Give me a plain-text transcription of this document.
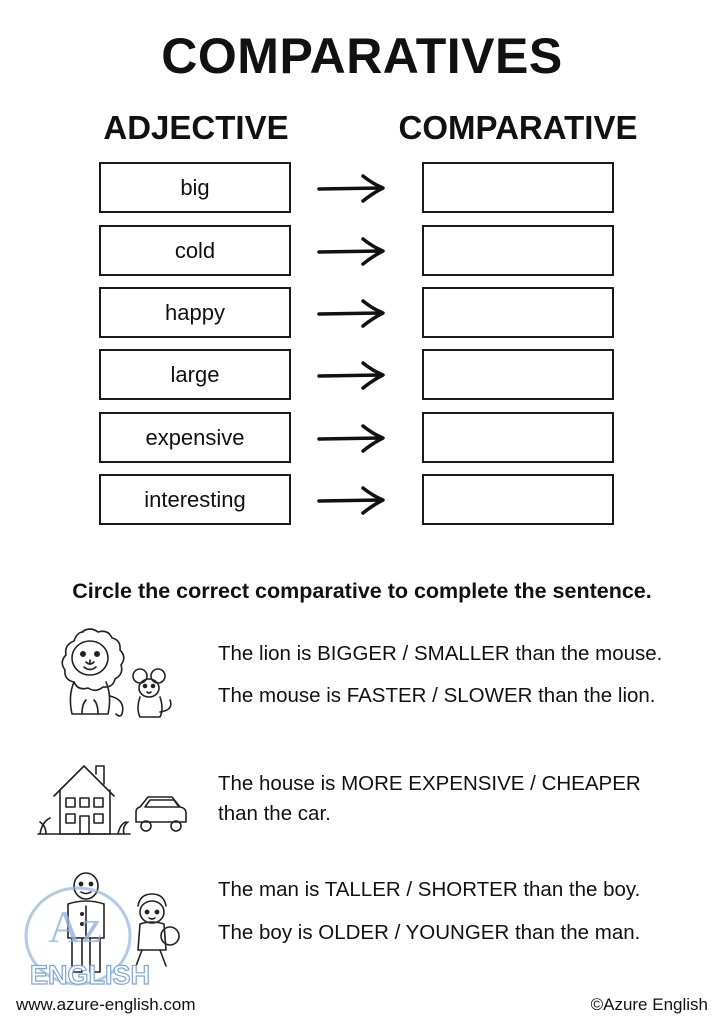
COMPARATIVES
ADJECTIVE	COMPARATIVE
big
cold
happy
large
expensive
interesting
Circle the correct comparative to complete the sentence.
The lion is BIGGER / SMALLER than the mouse.
The mouse is FASTER / SLOWER than the lion.
The house is MORE EXPENSIVE / CHEAPER
than the car.
The man is TALLER / SHORTER than the boy.
The boy is OLDER / YOUNGER than the man.
Az
ENGLISH
www.azure-english.com	©Azure English
